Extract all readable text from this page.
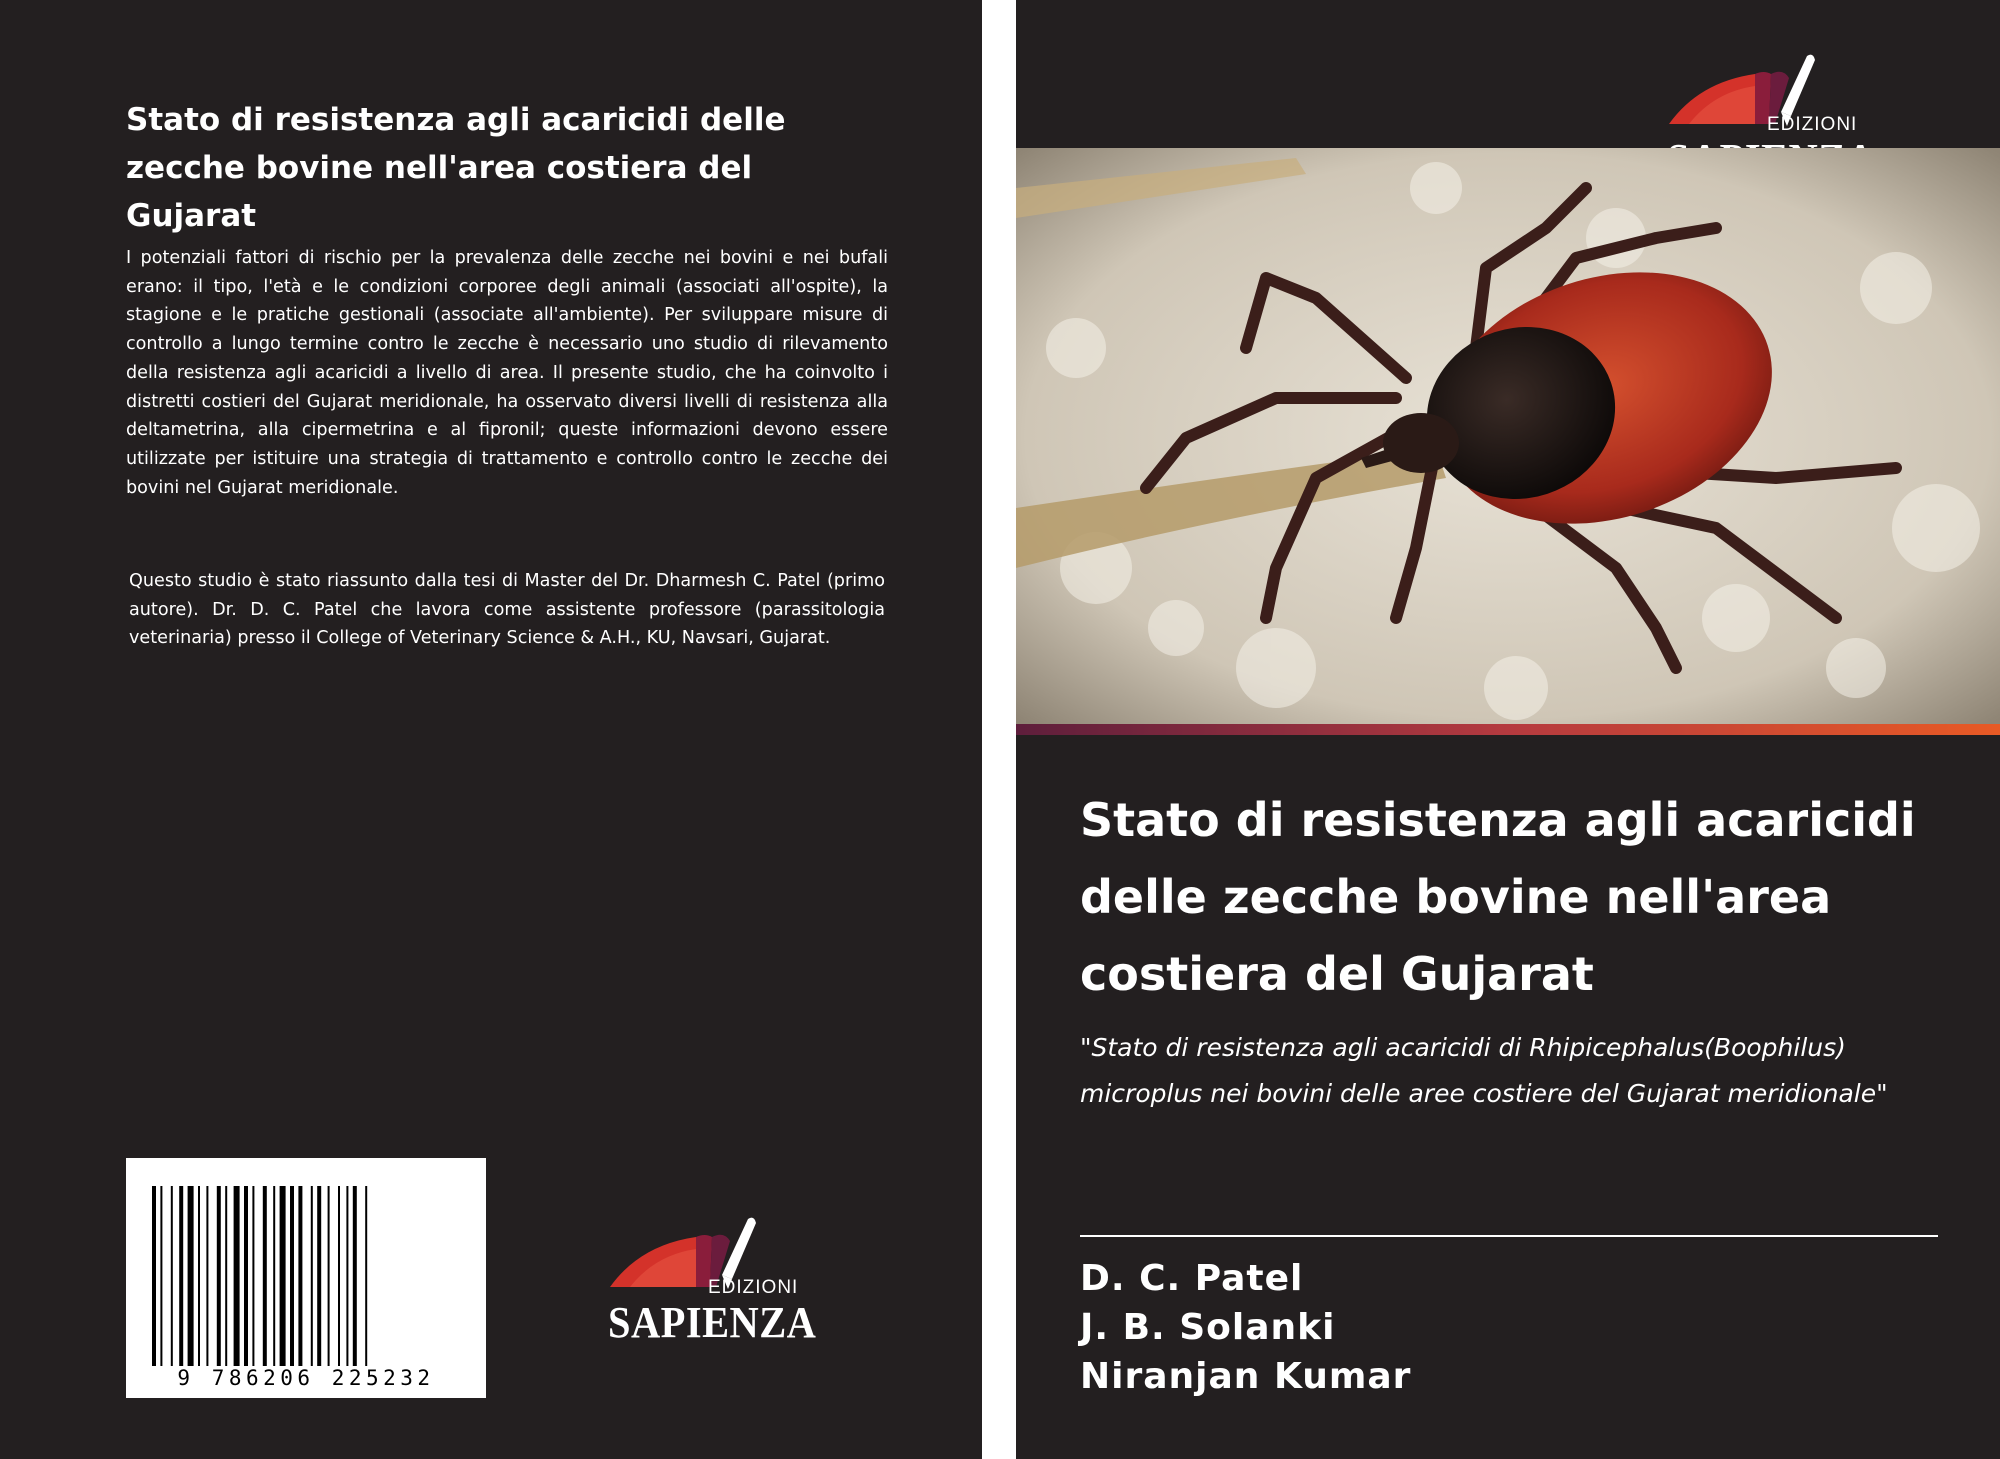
Stato di resistenza agli acaricidi delle zecche bovine nell'area costiera del Gujarat

I potenziali fattori di rischio per la prevalenza delle zecche nei bovini e nei bufali erano: il tipo, l'età e le condizioni corporee degli animali (associati all'ospite), la stagione e le pratiche gestionali (associate all'ambiente). Per sviluppare misure di controllo a lungo termine contro le zecche è necessario uno studio di rilevamento della resistenza agli acaricidi a livello di area. Il presente studio, che ha coinvolto i distretti costieri del Gujarat meridionale, ha osservato diversi livelli di resistenza alla deltametrina, alla cipermetrina e al fipronil; queste informazioni devono essere utilizzate per istituire una strategia di trattamento e controllo contro le zecche dei bovini nel Gujarat meridionale.

Questo studio è stato riassunto dalla tesi di Master del Dr. Dharmesh C. Patel (primo autore). Dr. D. C. Patel che lavora come assistente professore (parassitologia veterinaria) presso il College of Veterinary Science & A.H., KU, Navsari, Gujarat.

9 786206 225232
EDIZIONI
SAPIENZA
EDIZIONI
Stato di resistenza agli acaricidi delle zecche bovine nell'area costiera del Gujarat

"Stato di resistenza agli acaricidi di Rhipicephalus(Boophilus) microplus nei bovini delle aree costiere del Gujarat meridionale"

D. C. Patel
J. B. Solanki
Niranjan Kumar
